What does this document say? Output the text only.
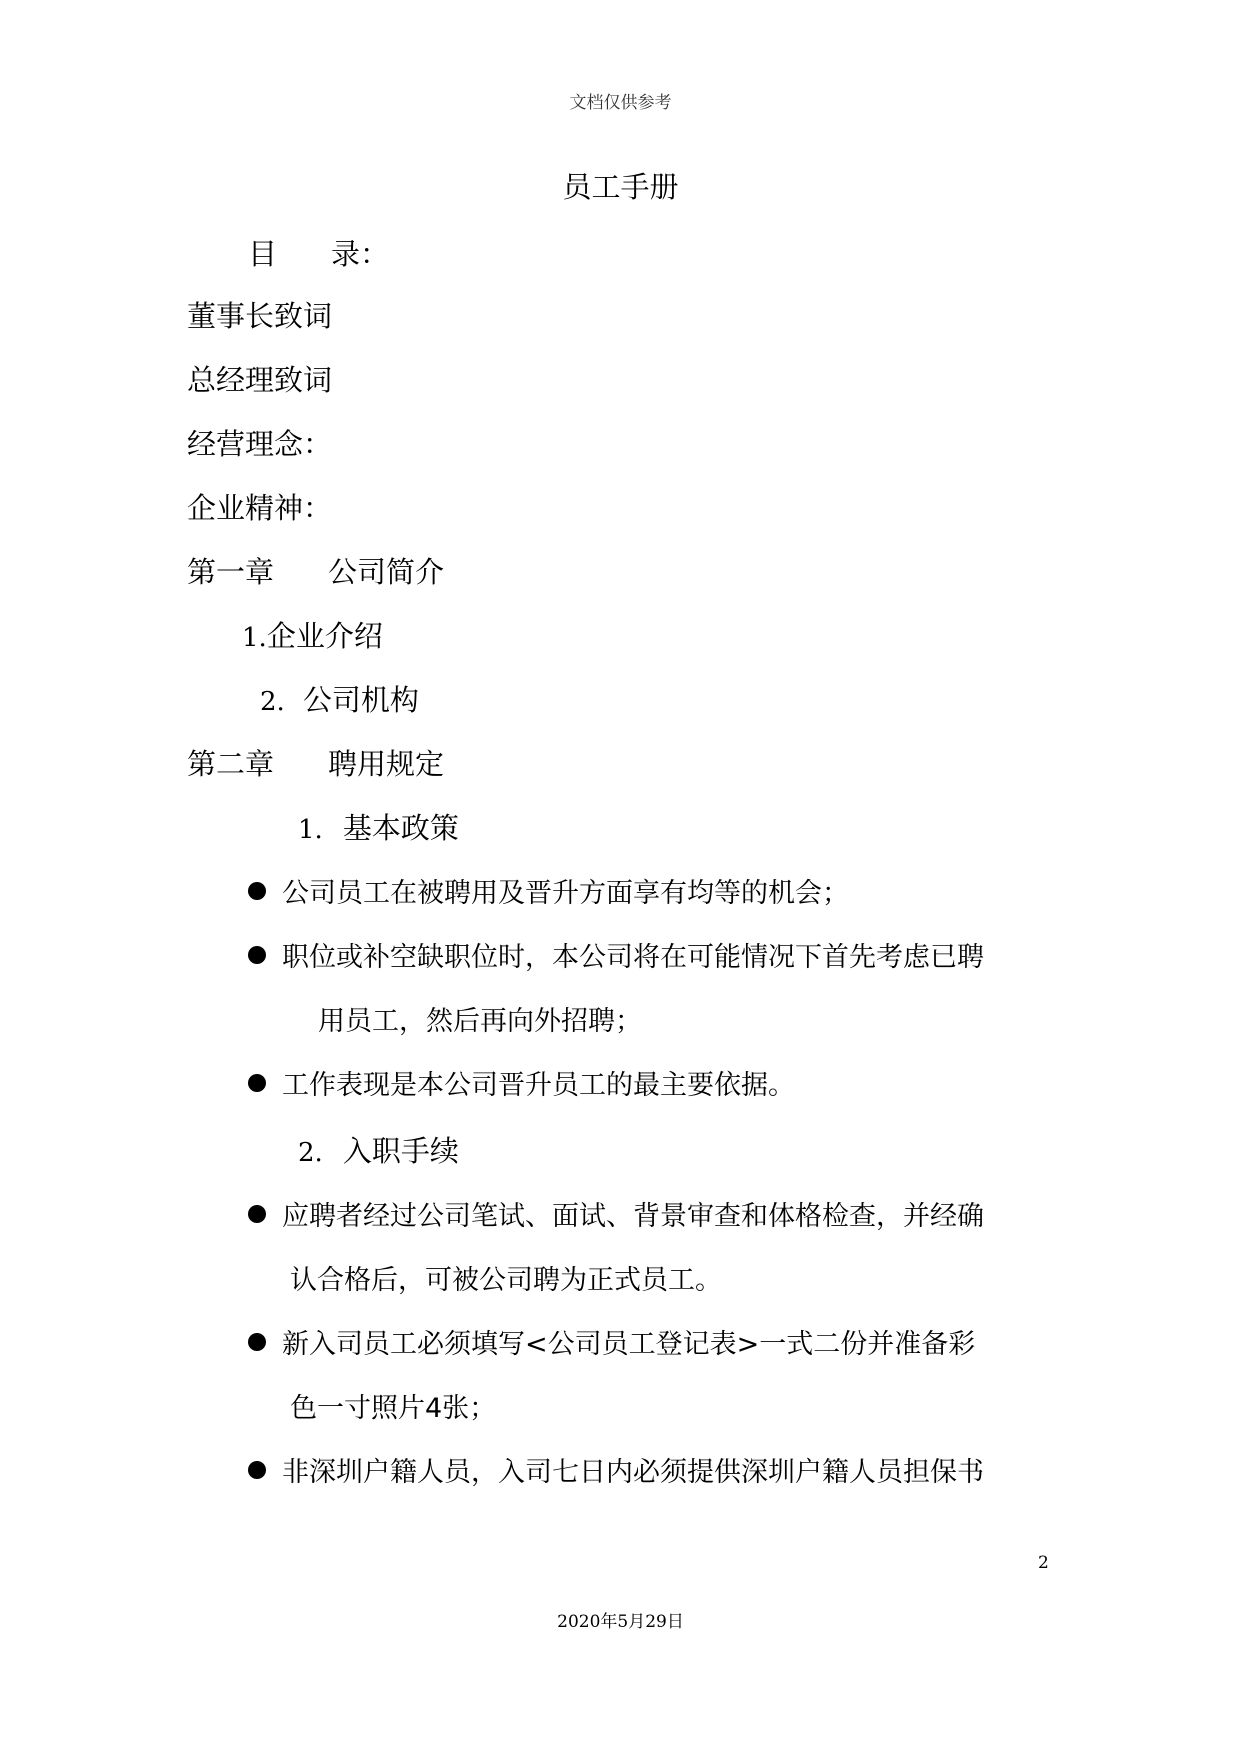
文档仅供参考
员工手册
目 录：
董事长致词
总经理致词
经营理念：
企业精神：
第一章 公司简介
1.企业介绍
2. 公司机构
第二章 聘用规定
1. 基本政策
公司员工在被聘用及晋升方面享有均等的机会；
职位或补空缺职位时，本公司将在可能情况下首先考虑已聘
用员工，然后再向外招聘；
工作表现是本公司晋升员工的最主要依据。
2. 入职手续
应聘者经过公司笔试、面试、背景审查和体格检查，并经确
认合格后，可被公司聘为正式员工。
新入司员工必须填写<公司员工登记表>一式二份并准备彩
色一寸照片4张；
非深圳户籍人员，入司七日内必须提供深圳户籍人员担保书
2
2020年5月29日
